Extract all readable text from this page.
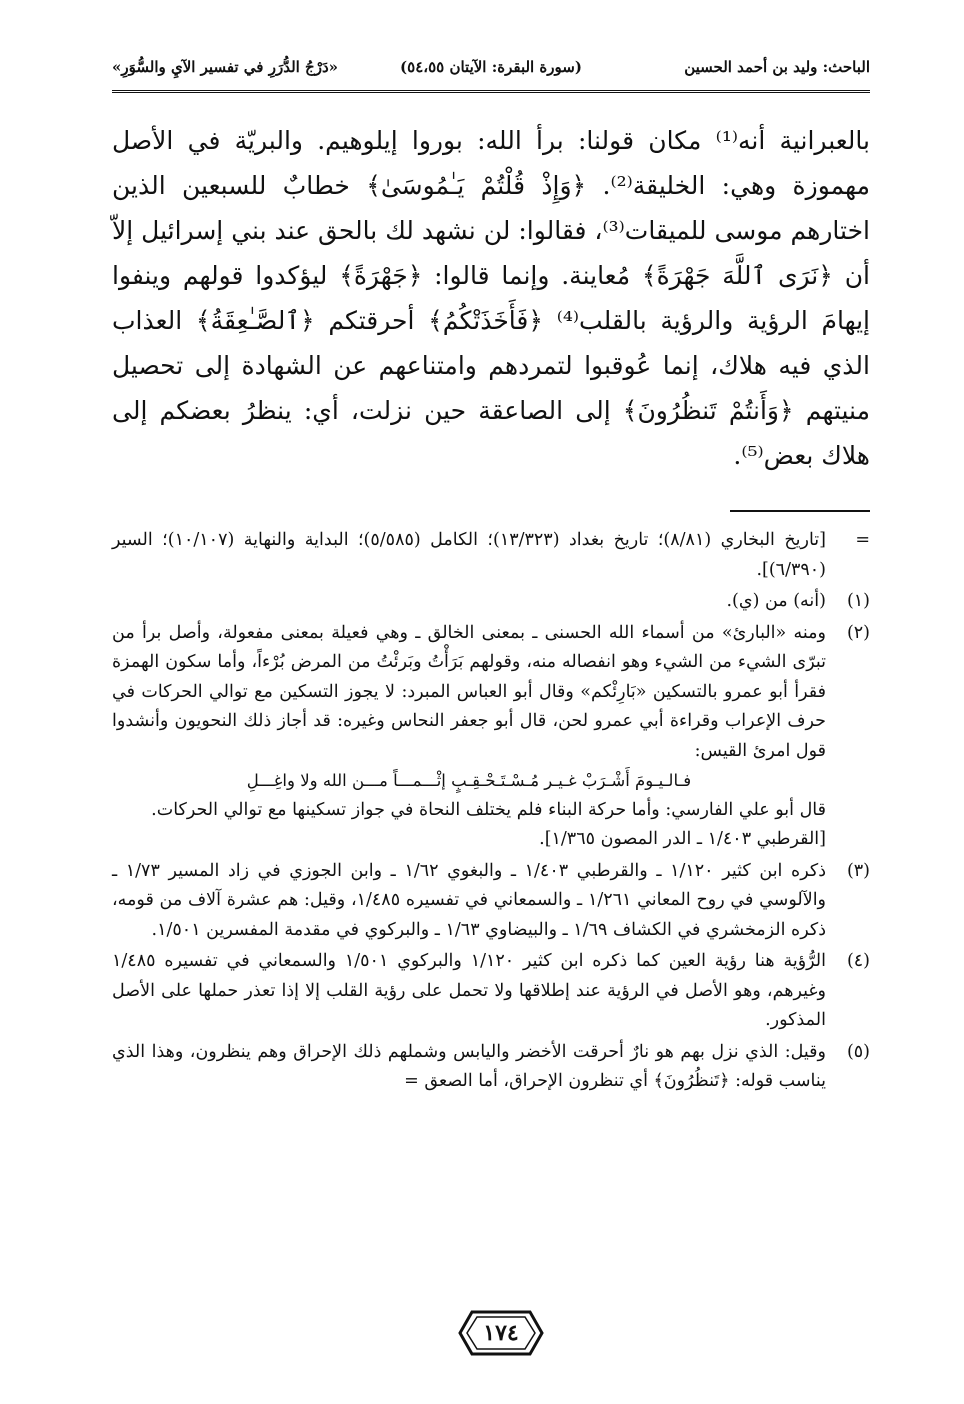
الباحث: وليد بن أحمد الحسين
(سورة البقرة: الآيتان ٥٤،٥٥)
«دَرْجُ الدُّرَرِ في تفسير الآيِ والسُّوَرِ»

بالعبرانية أنه⁽¹⁾ مكان قولنا: برأ الله: بوروا إيلوهيم. والبريّة في الأصل مهموزة وهي: الخليقة⁽²⁾. ﴿وَإِذْ قُلْتُمْ يَـٰمُوسَىٰ﴾ خطابٌ للسبعين الذين اختارهم موسى للميقات⁽³⁾، فقالوا: لن نشهد لك بالحق عند بني إسرائيل إلاّ أن ﴿نَرَى ٱللَّهَ جَهْرَةً﴾ مُعاينة. وإنما قالوا: ﴿جَهْرَةً﴾ ليؤكدوا قولهم وينفوا إيهامَ الرؤية والرؤية بالقلب⁽⁴⁾ ﴿فَأَخَذَتْكُمُ﴾ أحرقتكم ﴿ٱلصَّـٰعِقَةُ﴾ العذاب الذي فيه هلاك، إنما عُوقبوا لتمردهم وامتناعهم عن الشهادة إلى تحصيل منيتهم ﴿وَأَنتُمْ تَنظُرُونَ﴾ إلى الصاعقة حين نزلت، أي: ينظرُ بعضكم إلى هلاك بعض⁽⁵⁾.

=

[تاريخ البخاري (٨/٨١)؛ تاريخ بغداد (١٣/٣٢٣)؛ الكامل (٥/٥٨٥)؛ البداية والنهاية (١٠/١٠٧)؛ السير (٦/٣٩٠)].

(١)

(أنه) من (ي).

(٢)

ومنه «البارئ» من أسماء الله الحسنى ـ بمعنى الخالق ـ وهي فعيلة بمعنى مفعولة، وأصل برأ من تبرّى الشيء من الشيء وهو انفصاله منه، وقولهم بَرَأْتُ وبَرئْتُ من المرض بُرْءاً، وأما سكون الهمزة فقرأ أبو عمرو بالتسكين «بَارِئْكم» وقال أبو العباس المبرد: لا يجوز التسكين مع توالي الحركات في حرف الإعراب وقراءة أبي عمرو لحن، قال أبو جعفر النحاس وغيره: قد أجاز ذلك النحويون وأنشدوا قول امرئ القيس:

فـالـيـومَ أَشْـرَبْ غـيـر مُـسْـتَـحْـقِـبٍ إثْـــمـــاً مـــن الله ولا واغِـــلِ

قال أبو علي الفارسي: وأما حركة البناء فلم يختلف النحاة في جواز تسكينها مع توالي الحركات.

[القرطبي ١/٤٠٣ ـ الدر المصون ١/٣٦٥].

(٣)

ذكره ابن كثير ١/١٢٠ ـ والقرطبي ١/٤٠٣ ـ والبغوي ١/٦٢ ـ وابن الجوزي في زاد المسير ١/٧٣ ـ والآلوسي في روح المعاني ١/٢٦١ ـ والسمعاني في تفسيره ١/٤٨٥، وقيل: هم عشرة آلاف من قومه، ذكره الزمخشري في الكشاف ١/٦٩ ـ والبيضاوي ١/٦٣ ـ والبركوي في مقدمة المفسرين ١/٥٠١.

(٤)

الرُّؤية هنا رؤية العين كما ذكره ابن كثير ١/١٢٠ والبركوي ١/٥٠١ والسمعاني في تفسيره ١/٤٨٥ وغيرهم، وهو الأصل في الرؤية عند إطلاقها ولا تحمل على رؤية القلب إلا إذا تعذر حملها على الأصل المذكور.

(٥)

وقيل: الذي نزل بهم هو نارٌ أحرقت الأخضر واليابس وشملهم ذلك الإحراق وهم ينظرون، وهذا الذي يناسب قوله: ﴿تَنظُرُونَ﴾ أي تنظرون الإحراق، أما الصعق =

١٧٤
